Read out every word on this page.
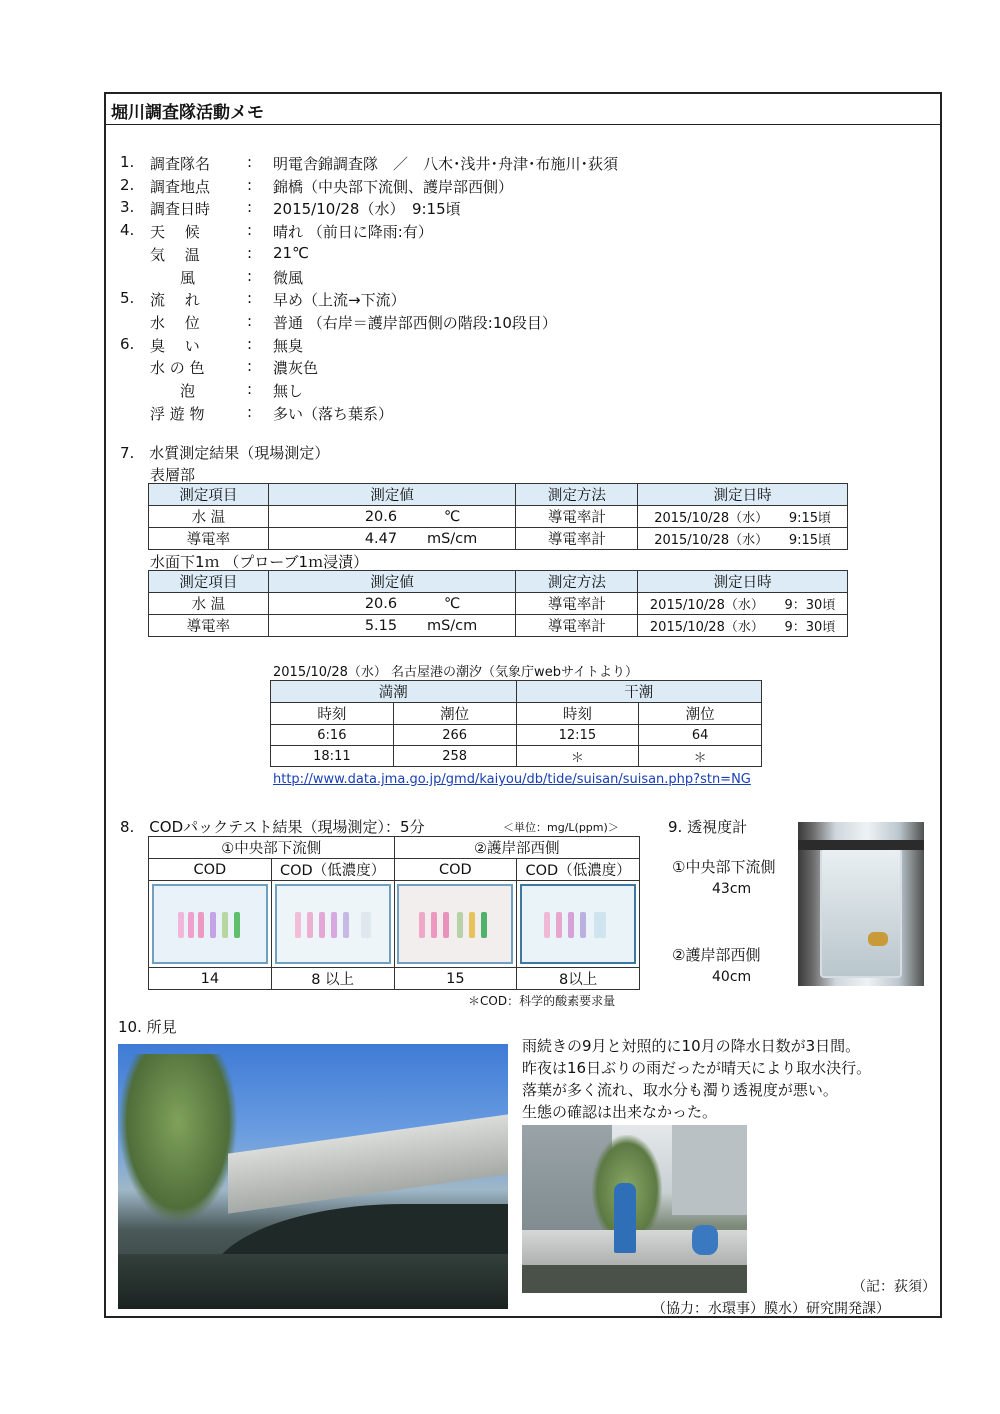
堀川調査隊活動メモ
1. 調査隊名 : 明電舎錦調査隊　／　八木･浅井･舟津･布施川･荻須
2. 調査地点 : 錦橋（中央部下流側、護岸部西側）
3. 調査日時 : 2015/10/28（水）　9:15頃
4. 天　 候	: 晴れ （前日に降雨:有）
気　 温	: 21℃
　　風	: 微風
5. 流　 れ	: 早め（上流→下流）
水　 位	: 普通 （右岸＝護岸部西側の階段:10段目）
6. 臭　 い	: 無臭
水 の 色	: 濃灰色
　　泡	: 無し
浮 遊 物	: 多い（落ち葉系）
7.　水質測定結果（現場測定）
表層部
測定項目	測定値	測定方法	測定日時
水 温	20.6 ℃	導電率計	2015/10/28（水） 9:15頃
導電率	4.47 mS/cm	導電率計	2015/10/28（水） 9:15頃
水面下1ｍ （プローブ1ｍ浸漬）
測定項目	測定値	測定方法	測定日時
水 温	20.6 ℃	導電率計	2015/10/28（水） 9：30頃
導電率	5.15 mS/cm	導電率計	2015/10/28（水） 9：30頃
2015/10/28（水） 名古屋港の潮汐（気象庁webサイトより）
満潮		干潮	
時刻	潮位	時刻	潮位
6:16	266	12:15	64
18:11	258	＊	＊
http://www.data.jma.go.jp/gmd/kaiyou/db/tide/suisan/suisan.php?stn=NG
8.　CODパックテスト結果（現場測定）：5分	＜単位：mg/L(ppm)＞
①中央部下流側		②護岸部西側	
COD	COD（低濃度）	COD	COD（低濃度）

14	8 以上	15	8以上
＊COD：科学的酸素要求量
9. 透視度計
①中央部下流側
43cm
②護岸部西側
40cm
10. 所見
雨続きの9月と対照的に10月の降水日数が3日間。
昨夜は16日ぶりの雨だったが晴天により取水決行。
落葉が多く流れ、取水分も濁り透視度が悪い。
生態の確認は出来なかった。
（記：荻須）
（協力：水環事）膜水）研究開発課）
